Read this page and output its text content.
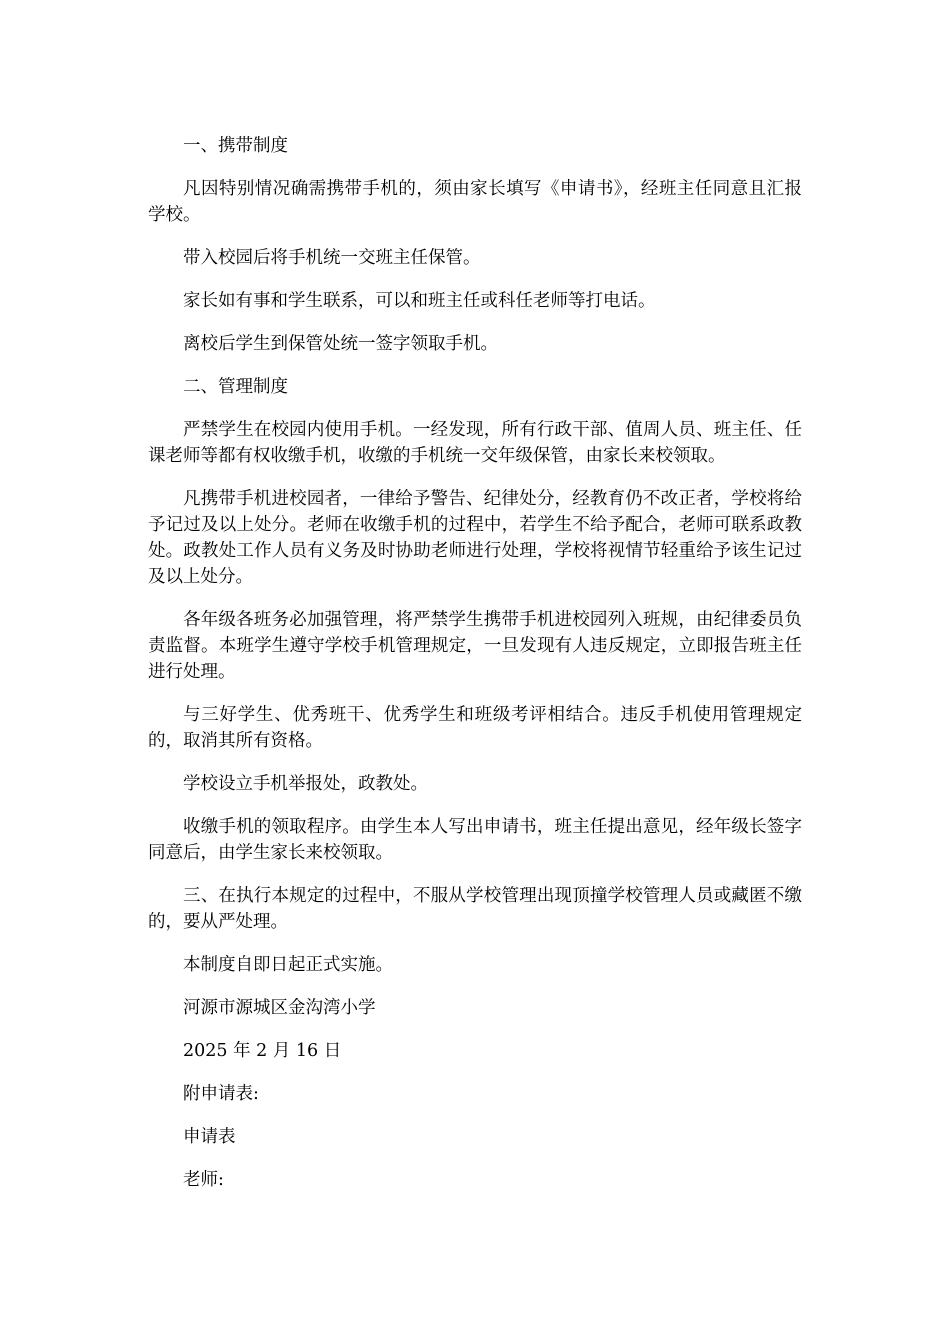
一、携带制度

凡因特别情况确需携带手机的，须由家长填写《申请书》，经班主任同意且汇报学校。

带入校园后将手机统一交班主任保管。

家长如有事和学生联系，可以和班主任或科任老师等打电话。

离校后学生到保管处统一签字领取手机。

二、管理制度

严禁学生在校园内使用手机。一经发现，所有行政干部、值周人员、班主任、任课老师等都有权收缴手机，收缴的手机统一交年级保管，由家长来校领取。

凡携带手机进校园者，一律给予警告、纪律处分，经教育仍不改正者，学校将给予记过及以上处分。老师在收缴手机的过程中，若学生不给予配合，老师可联系政教处。政教处工作人员有义务及时协助老师进行处理，学校将视情节轻重给予该生记过及以上处分。

各年级各班务必加强管理，将严禁学生携带手机进校园列入班规，由纪律委员负责监督。本班学生遵守学校手机管理规定，一旦发现有人违反规定，立即报告班主任进行处理。

与三好学生、优秀班干、优秀学生和班级考评相结合。违反手机使用管理规定的，取消其所有资格。

学校设立手机举报处，政教处。

收缴手机的领取程序。由学生本人写出申请书，班主任提出意见，经年级长签字同意后，由学生家长来校领取。

三、在执行本规定的过程中，不服从学校管理出现顶撞学校管理人员或藏匿不缴的，要从严处理。

本制度自即日起正式实施。

河源市源城区金沟湾小学

2025 年 2 月 16 日

附申请表:

申请表

老师:
